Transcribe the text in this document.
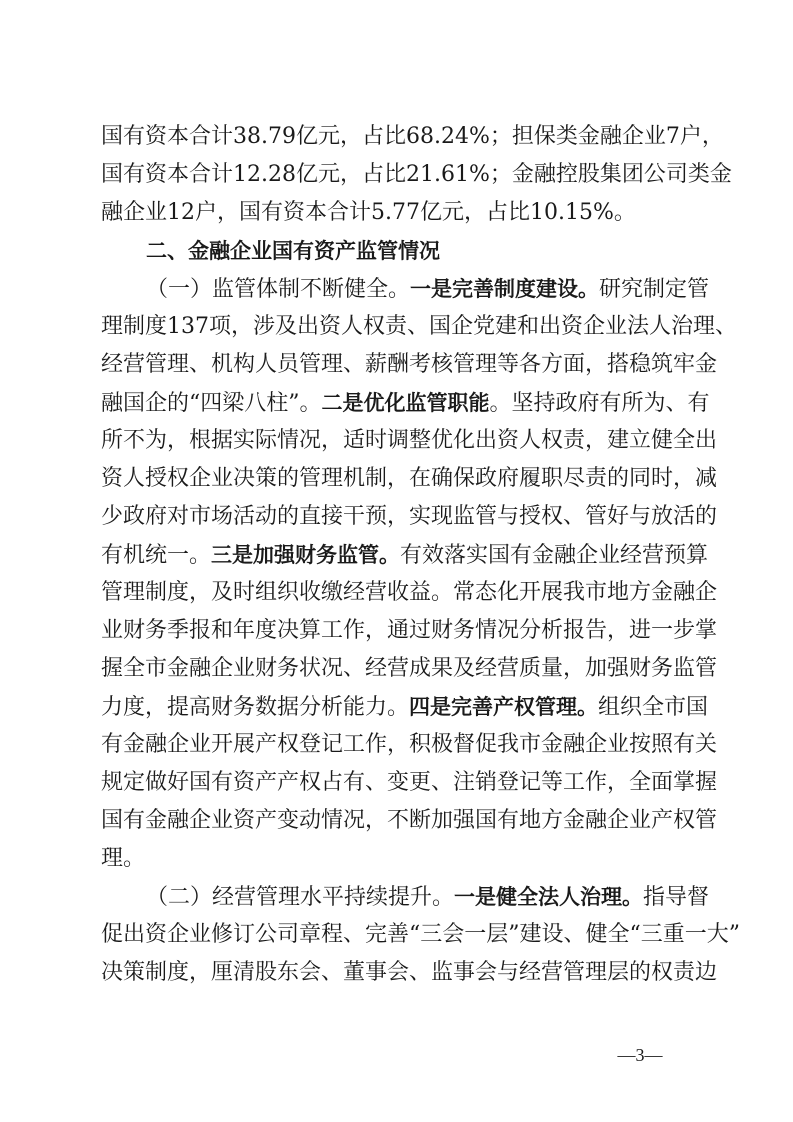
国有资本合计38.79亿元，占比68.24%；担保类金融企业7户，
国有资本合计12.28亿元，占比21.61%；金融控股集团公司类金
融企业12户，国有资本合计5.77亿元，占比10.15%。
二、金融企业国有资产监管情况
（一）监管体制不断健全。一是完善制度建设。研究制定管
理制度137项，涉及出资人权责、国企党建和出资企业法人治理、
经营管理、机构人员管理、薪酬考核管理等各方面，搭稳筑牢金
融国企的“四梁八柱”。二是优化监管职能。坚持政府有所为、有
所不为，根据实际情况，适时调整优化出资人权责，建立健全出
资人授权企业决策的管理机制，在确保政府履职尽责的同时，减
少政府对市场活动的直接干预，实现监管与授权、管好与放活的
有机统一。三是加强财务监管。有效落实国有金融企业经营预算
管理制度，及时组织收缴经营收益。常态化开展我市地方金融企
业财务季报和年度决算工作，通过财务情况分析报告，进一步掌
握全市金融企业财务状况、经营成果及经营质量，加强财务监管
力度，提高财务数据分析能力。四是完善产权管理。组织全市国
有金融企业开展产权登记工作，积极督促我市金融企业按照有关
规定做好国有资产产权占有、变更、注销登记等工作，全面掌握
国有金融企业资产变动情况，不断加强国有地方金融企业产权管
理。
（二）经营管理水平持续提升。一是健全法人治理。指导督
促出资企业修订公司章程、完善“三会一层”建设、健全“三重一大”
决策制度，厘清股东会、董事会、监事会与经营管理层的权责边
—3—
